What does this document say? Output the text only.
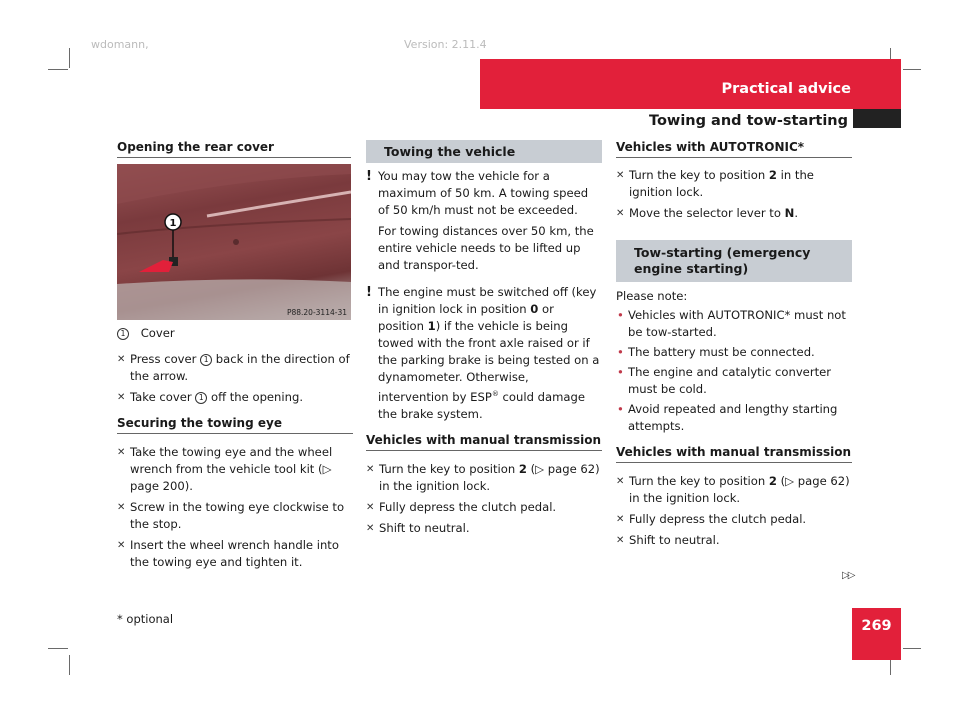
wdomann,	Version: 2.11.4
Practical advice
Towing and tow-starting
Opening the rear cover
1
P88.20-3114-31
1 Cover
✕ Press cover 1 back in the direction of the arrow.
✕ Take cover 1 off the opening.
Securing the towing eye
✕ Take the towing eye and the wheel wrench from the vehicle tool kit (▷ page 200).
✕ Screw in the towing eye clockwise to the stop.
✕ Insert the wheel wrench handle into the towing eye and tighten it.
Towing the vehicle
! You may tow the vehicle for a maximum of 50 km. A towing speed of 50 km/h must not be exceeded.
For towing distances over 50 km, the entire vehicle needs to be lifted up and transpor-ted.
! The engine must be switched off (key in ignition lock in position 0 or position 1) if the vehicle is being towed with the front axle raised or if the parking brake is being tested on a dynamometer. Otherwise, intervention by ESP® could damage the brake system.
Vehicles with manual transmission
✕ Turn the key to position 2 (▷ page 62) in the ignition lock.
✕ Fully depress the clutch pedal.
✕ Shift to neutral.
Vehicles with AUTOTRONIC*
✕ Turn the key to position 2 in the ignition lock.
✕ Move the selector lever to N.
Tow-starting (emergency engine starting)
Please note:
• Vehicles with AUTOTRONIC* must not be tow-started.
• The battery must be connected.
• The engine and catalytic converter must be cold.
• Avoid repeated and lengthy starting attempts.
Vehicles with manual transmission
✕ Turn the key to position 2 (▷ page 62) in the ignition lock.
✕ Fully depress the clutch pedal.
✕ Shift to neutral.
▷▷
* optional	269
